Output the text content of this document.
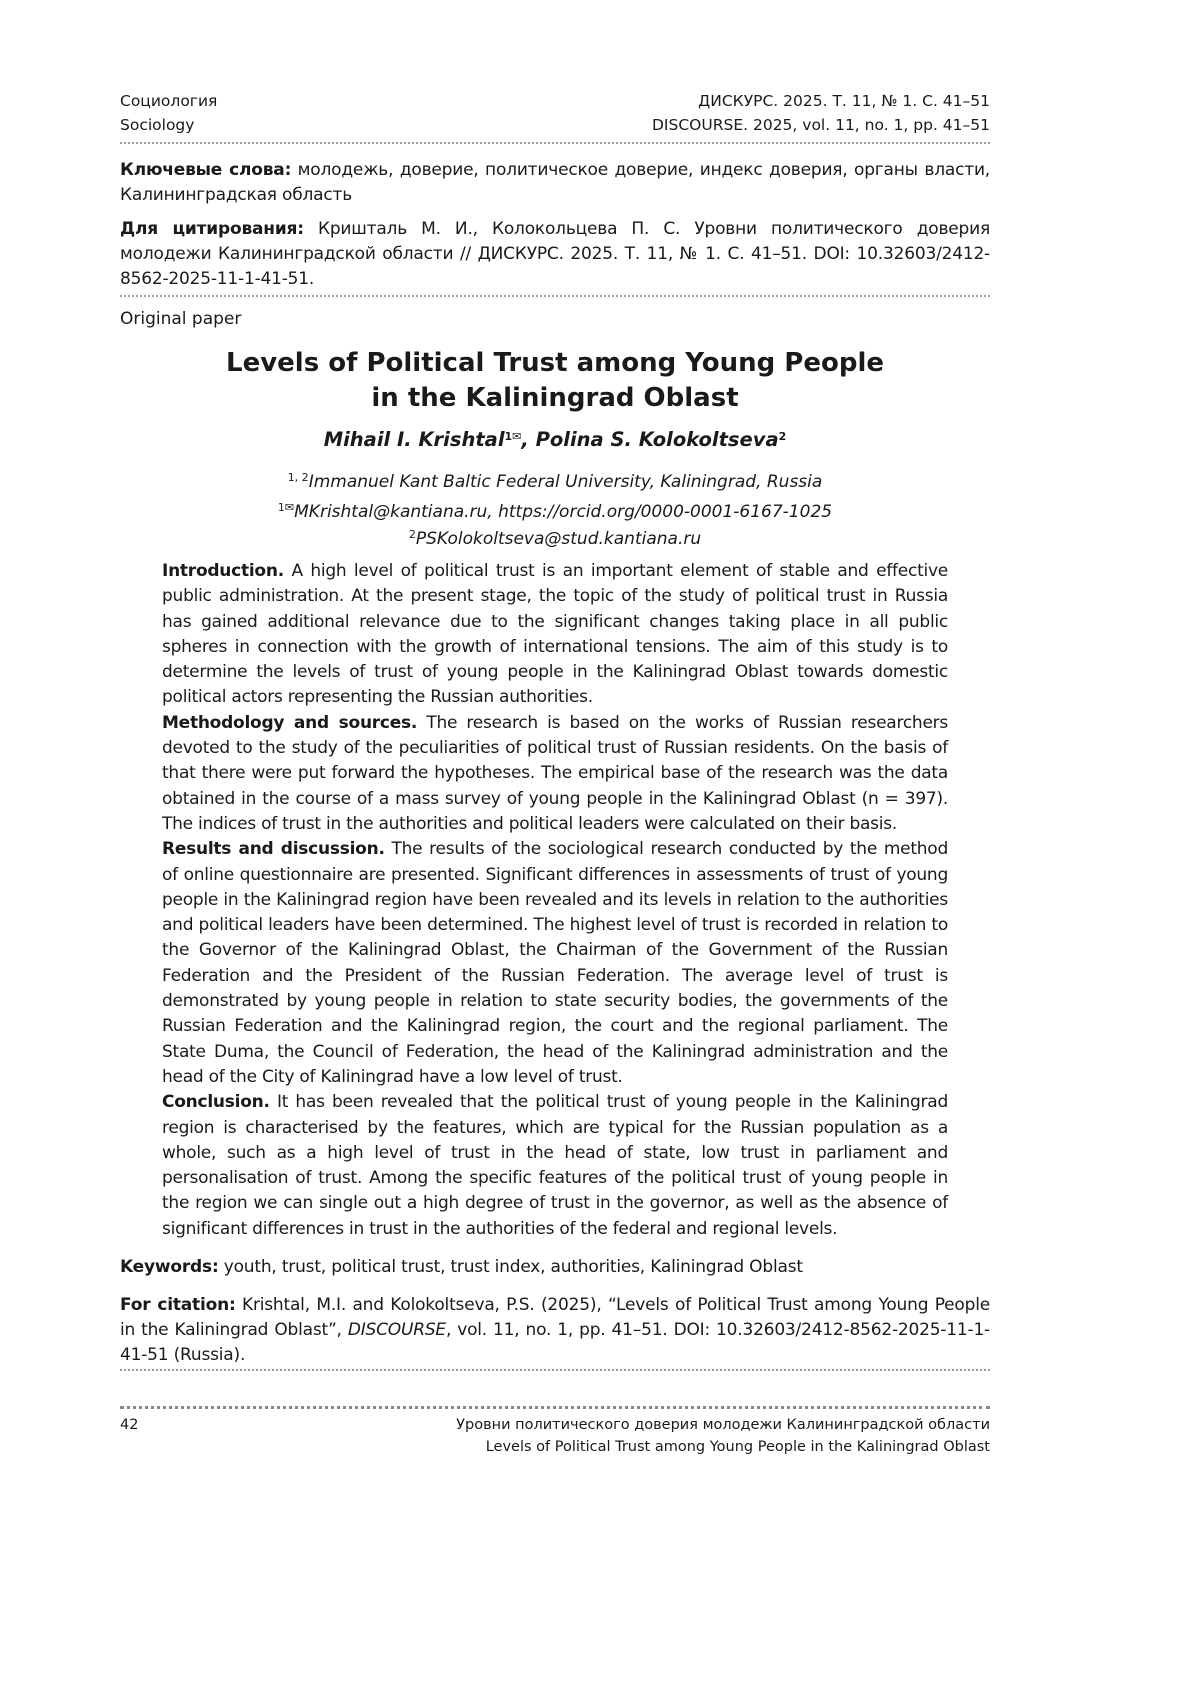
Социология
Sociology
ДИСКУРС. 2025. Т. 11, № 1. С. 41–51
DISCOURSE. 2025, vol. 11, no. 1, pp. 41–51
Ключевые слова: молодежь, доверие, политическое доверие, индекс доверия, органы власти, Калининградская область
Для цитирования: Кришталь М. И., Колокольцева П. С. Уровни политического доверия молодежи Калининградской области // ДИСКУРС. 2025. Т. 11, № 1. С. 41–51. DOI: 10.32603/2412-8562-2025-11-1-41-51.
Original paper
Levels of Political Trust among Young People
in the Kaliningrad Oblast
Mihail I. Krishtal1✉, Polina S. Kolokoltseva2
1, 2Immanuel Kant Baltic Federal University, Kaliningrad, Russia
1✉MKrishtal@kantiana.ru, https://orcid.org/0000-0001-6167-1025
2PSKolokoltseva@stud.kantiana.ru
Introduction. A high level of political trust is an important element of stable and effective public administration. At the present stage, the topic of the study of political trust in Russia has gained additional relevance due to the significant changes taking place in all public spheres in connection with the growth of international tensions. The aim of this study is to determine the levels of trust of young people in the Kaliningrad Oblast towards domestic political actors representing the Russian authorities.
Methodology and sources. The research is based on the works of Russian researchers devoted to the study of the peculiarities of political trust of Russian residents. On the basis of that there were put forward the hypotheses. The empirical base of the research was the data obtained in the course of a mass survey of young people in the Kaliningrad Oblast (n = 397). The indices of trust in the authorities and political leaders were calculated on their basis.
Results and discussion. The results of the sociological research conducted by the method of online questionnaire are presented. Significant differences in assessments of trust of young people in the Kaliningrad region have been revealed and its levels in relation to the authorities and political leaders have been determined. The highest level of trust is recorded in relation to the Governor of the Kaliningrad Oblast, the Chairman of the Government of the Russian Federation and the President of the Russian Federation. The average level of trust is demonstrated by young people in relation to state security bodies, the governments of the Russian Federation and the Kaliningrad region, the court and the regional parliament. The State Duma, the Council of Federation, the head of the Kaliningrad administration and the head of the City of Kaliningrad have a low level of trust.
Conclusion. It has been revealed that the political trust of young people in the Kaliningrad region is characterised by the features, which are typical for the Russian population as a whole, such as a high level of trust in the head of state, low trust in parliament and personalisation of trust. Among the specific features of the political trust of young people in the region we can single out a high degree of trust in the governor, as well as the absence of significant differences in trust in the authorities of the federal and regional levels.
Keywords: youth, trust, political trust, trust index, authorities, Kaliningrad Oblast
For citation: Krishtal, M.I. and Kolokoltseva, P.S. (2025), “Levels of Political Trust among Young People in the Kaliningrad Oblast”, DISCOURSE, vol. 11, no. 1, pp. 41–51. DOI: 10.32603/2412-8562-2025-11-1-41-51 (Russia).
42	Уровни политического доверия молодежи Калининградской области
Levels of Political Trust among Young People in the Kaliningrad Oblast
